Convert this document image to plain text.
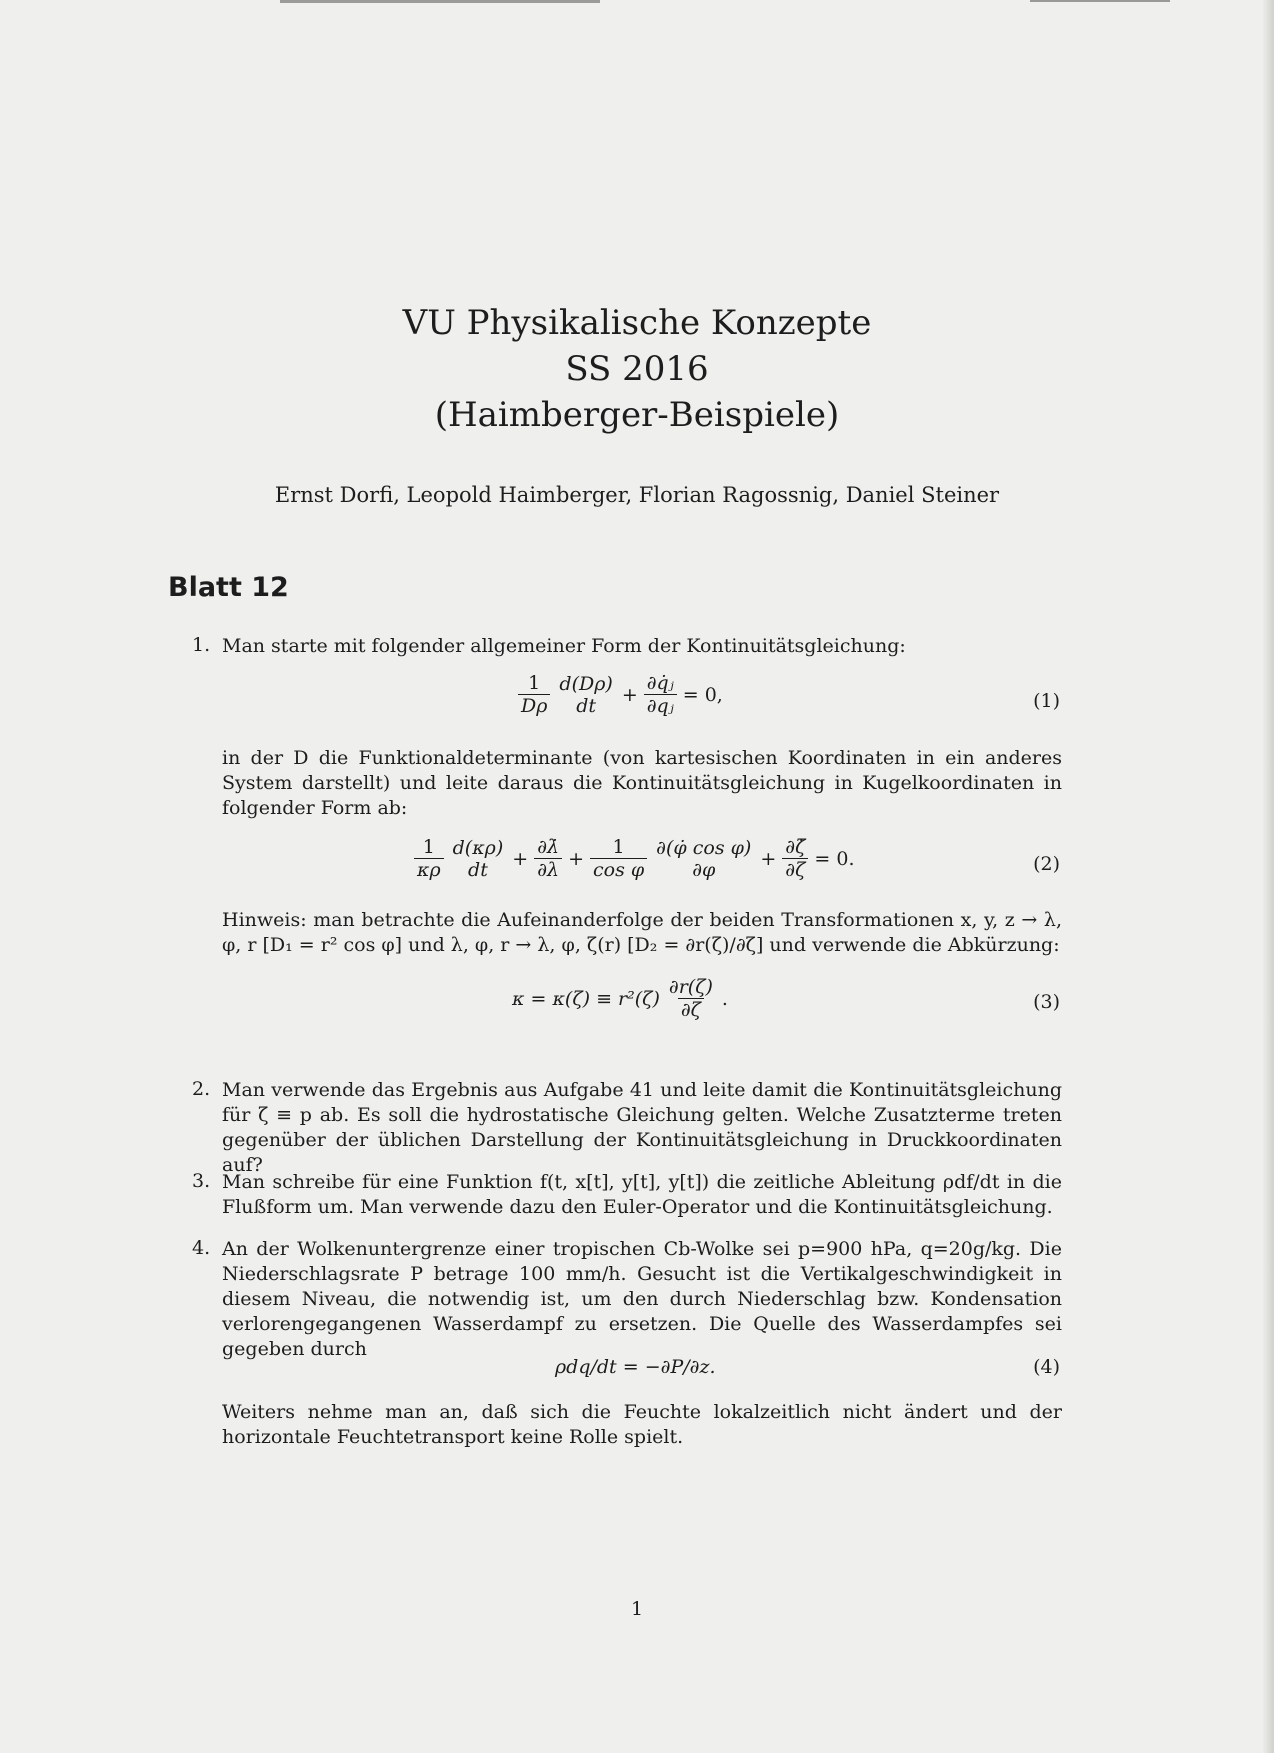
VU Physikalische Konzepte
SS 2016
(Haimberger-Beispiele)
Ernst Dorfi, Leopold Haimberger, Florian Ragossnig, Daniel Steiner
Blatt 12
1. Man starte mit folgender allgemeiner Form der Kontinuitätsgleichung:
$\frac{1}{D\rho} d(D\rho)$
dt + $\frac{\text{∂q̇ⱼ}}{\text{∂qⱼ}} = 0$,	(1)
in der D die Funktionaldeterminante (von kartesischen Koordinaten in ein anderes System darstellt) und leite daraus die Kontinuitätsgleichung in Kugelkoordinaten in folgender Form ab:
$\frac{1}{\kappa\rho} d(\kappa\rho)$
dt + $\frac{\partial\lambdȧ}{\partial\lambda} + \frac{1}{\text{cos φ}}$ ∂(φ̇ cos φ)
$\partial\varphi + \frac{\partial\zetȧ}{\partial\zeta} = 0$.	(2)
Hinweis: man betrachte die Aufeinanderfolge der beiden Transformationen x, y, z → λ, φ, r [D₁ = r² cos φ] und λ, φ, r → λ, φ, ζ(r) [D₂ = ∂r(ζ)/∂ζ] und verwende die Abkürzung:
$\kappa = \kappa(\zeta) \equiv r^2(\zeta) \frac{\partial r(\zeta)}{\partial\zeta}$ .	(3)
2. Man verwende das Ergebnis aus Aufgabe 41 und leite damit die Kontinuitätsgleichung für ζ ≡ p ab. Es soll die hydrostatische Gleichung gelten. Welche Zusatzterme treten gegenüber der üblichen Darstellung der Kontinuitätsgleichung in Druckkoordinaten auf?
3. Man schreibe für eine Funktion f(t, x[t], y[t], y[t]) die zeitliche Ableitung ρdf/dt in die Flußform um. Man verwende dazu den Euler-Operator und die Kontinuitätsgleichung.
4. An der Wolkenuntergrenze einer tropischen Cb-Wolke sei p=900 hPa, q=20g/kg. Die Niederschlagsrate P betrage 100 mm/h. Gesucht ist die Vertikalgeschwindigkeit in diesem Niveau, die notwendig ist, um den durch Niederschlag bzw. Kondensation verlorengegangenen Wasserdampf zu ersetzen. Die Quelle des Wasserdampfes sei gegeben durch
ρdq/dt = −∂P/∂z.	(4)
Weiters nehme man an, daß sich die Feuchte lokalzeitlich nicht ändert und der horizontale Feuchtetransport keine Rolle spielt.
1
